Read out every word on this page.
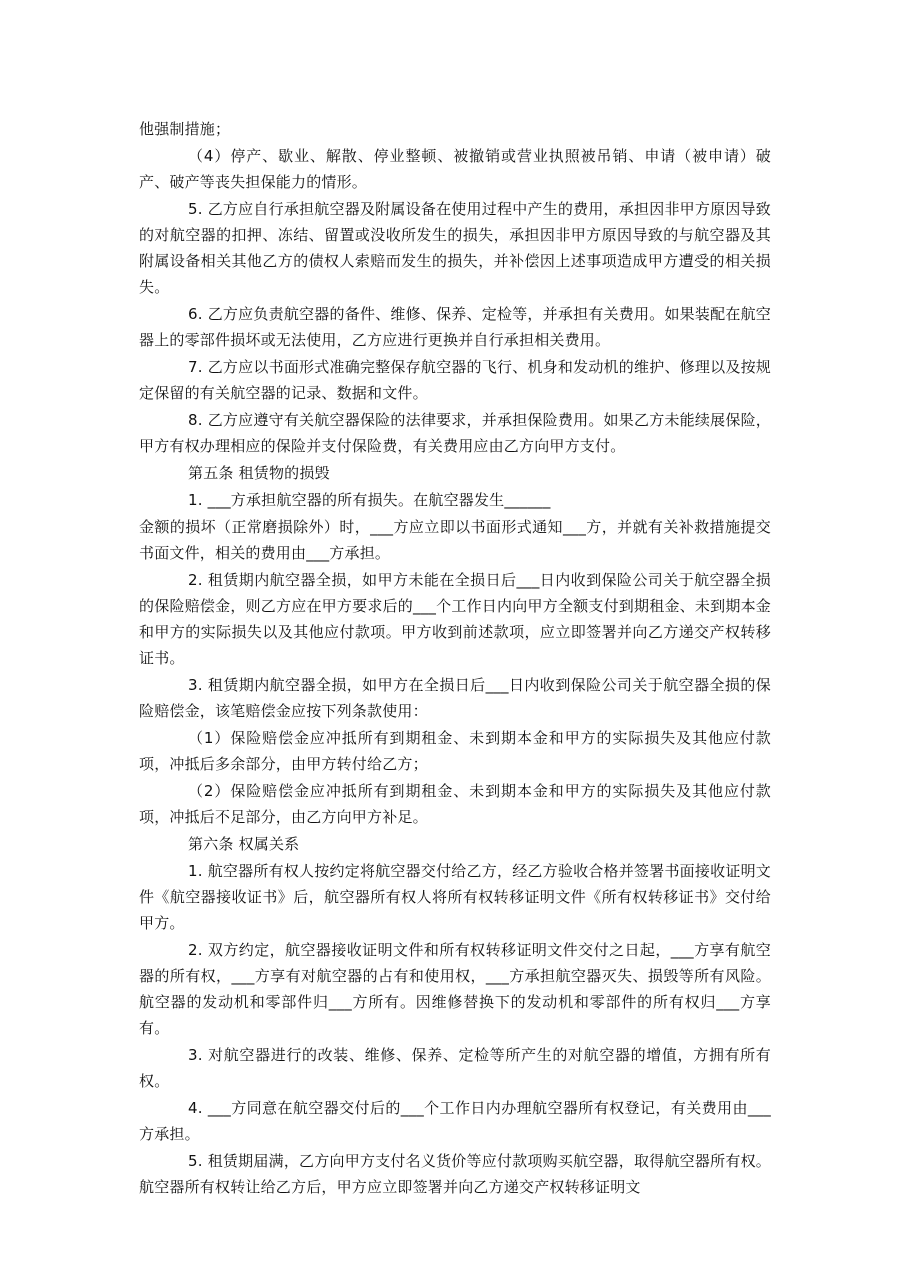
他强制措施；

（4）停产、歇业、解散、停业整顿、被撤销或营业执照被吊销、申请（被申请）破产、破产等丧失担保能力的情形。

5. 乙方应自行承担航空器及附属设备在使用过程中产生的费用，承担因非甲方原因导致的对航空器的扣押、冻结、留置或没收所发生的损失，承担因非甲方原因导致的与航空器及其附属设备相关其他乙方的债权人索赔而发生的损失，并补偿因上述事项造成甲方遭受的相关损失。

6. 乙方应负责航空器的备件、维修、保养、定检等，并承担有关费用。如果装配在航空器上的零部件损坏或无法使用，乙方应进行更换并自行承担相关费用。

7. 乙方应以书面形式准确完整保存航空器的飞行、机身和发动机的维护、修理以及按规定保留的有关航空器的记录、数据和文件。

8. 乙方应遵守有关航空器保险的法律要求，并承担保险费用。如果乙方未能续展保险，甲方有权办理相应的保险并支付保险费，有关费用应由乙方向甲方支付。

第五条 租赁物的损毁

1. ___方承担航空器的所有损失。在航空器发生______

金额的损坏（正常磨损除外）时，___方应立即以书面形式通知___方，并就有关补救措施提交书面文件，相关的费用由___方承担。

2. 租赁期内航空器全损，如甲方未能在全损日后___日内收到保险公司关于航空器全损的保险赔偿金，则乙方应在甲方要求后的___个工作日内向甲方全额支付到期租金、未到期本金和甲方的实际损失以及其他应付款项。甲方收到前述款项，应立即签署并向乙方递交产权转移证书。

3. 租赁期内航空器全损，如甲方在全损日后___日内收到保险公司关于航空器全损的保险赔偿金，该笔赔偿金应按下列条款使用：

（1）保险赔偿金应冲抵所有到期租金、未到期本金和甲方的实际损失及其他应付款项，冲抵后多余部分，由甲方转付给乙方；

（2）保险赔偿金应冲抵所有到期租金、未到期本金和甲方的实际损失及其他应付款项，冲抵后不足部分，由乙方向甲方补足。

第六条 权属关系

1. 航空器所有权人按约定将航空器交付给乙方，经乙方验收合格并签署书面接收证明文件《航空器接收证书》后，航空器所有权人将所有权转移证明文件《所有权转移证书》交付给甲方。

2. 双方约定，航空器接收证明文件和所有权转移证明文件交付之日起，___方享有航空器的所有权，___方享有对航空器的占有和使用权，___方承担航空器灭失、损毁等所有风险。航空器的发动机和零部件归___方所有。因维修替换下的发动机和零部件的所有权归___方享有。

3. 对航空器进行的改装、维修、保养、定检等所产生的对航空器的增值，方拥有所有权。

4. ___方同意在航空器交付后的___个工作日内办理航空器所有权登记，有关费用由___方承担。

5. 租赁期届满，乙方向甲方支付名义货价等应付款项购买航空器，取得航空器所有权。航空器所有权转让给乙方后，甲方应立即签署并向乙方递交产权转移证明文
